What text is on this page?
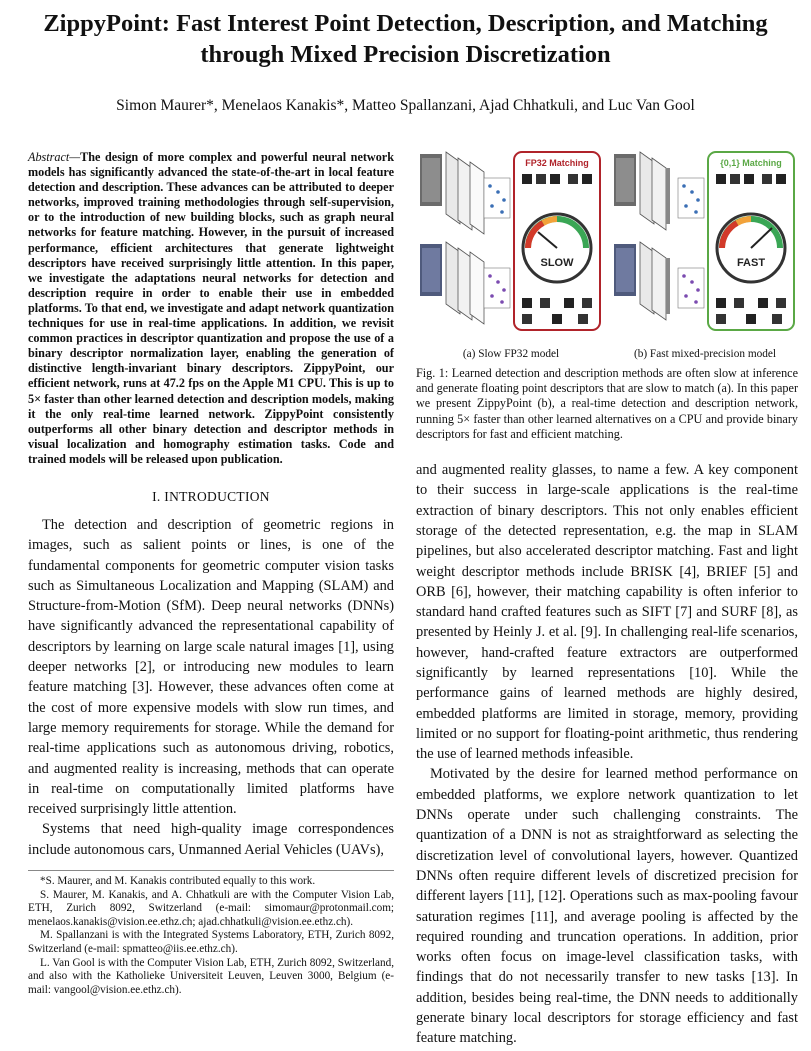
ZippyPoint: Fast Interest Point Detection, Description, and Matching through Mixed Precision Discretization
Simon Maurer*, Menelaos Kanakis*, Matteo Spallanzani, Ajad Chhatkuli, and Luc Van Gool
Abstract—The design of more complex and powerful neural network models has significantly advanced the state-of-the-art in local feature detection and description. These advances can be attributed to deeper networks, improved training methodologies through self-supervision, or to the introduction of new building blocks, such as graph neural networks for feature matching. However, in the pursuit of increased performance, efficient architectures that generate lightweight descriptors have received surprisingly little attention. In this paper, we investigate the adaptations neural networks for detection and description require in order to enable their use in embedded platforms. To that end, we investigate and adapt network quantization techniques for use in real-time applications. In addition, we revisit common practices in descriptor quantization and propose the use of a binary descriptor normalization layer, enabling the generation of distinctive length-invariant binary descriptors. ZippyPoint, our efficient network, runs at 47.2 fps on the Apple M1 CPU. This is up to 5× faster than other learned detection and description models, making it the only real-time learned network. ZippyPoint consistently outperforms all other binary detection and descriptor methods in visual localization and homography estimation tasks. Code and trained models will be released upon publication.
I. INTRODUCTION

The detection and description of geometric regions in images, such as salient points or lines, is one of the fundamental components for geometric computer vision tasks such as Simultaneous Localization and Mapping (SLAM) and Structure-from-Motion (SfM). Deep neural networks (DNNs) have significantly advanced the representational capability of descriptors by learning on large scale natural images [1], using deeper networks [2], or introducing new modules to learn feature matching [3]. However, these advances often come at the cost of more expensive models with slow run times, and large memory requirements for storage. While the demand for real-time applications such as autonomous driving, robotics, and augmented reality is increasing, methods that can operate in real-time on computationally limited platforms have received surprisingly little attention.

Systems that need high-quality image correspondences include autonomous cars, Unmanned Aerial Vehicles (UAVs),

*S. Maurer, and M. Kanakis contributed equally to this work.

S. Maurer, M. Kanakis, and A. Chhatkuli are with the Computer Vision Lab, ETH, Zurich 8092, Switzerland (e-mail: simomaur@protonmail.com; menelaos.kanakis@vision.ee.ethz.ch; ajad.chhatkuli@vision.ee.ethz.ch).

M. Spallanzani is with the Integrated Systems Laboratory, ETH, Zurich 8092, Switzerland (e-mail: spmatteo@iis.ee.ethz.ch).

L. Van Gool is with the Computer Vision Lab, ETH, Zurich 8092, Switzerland, and also with the Katholieke Universiteit Leuven, Leuven 3000, Belgium (e-mail: vangool@vision.ee.ethz.ch).

FP32 Matching
SLOW
{0,1} Matching
FAST
(a) Slow FP32 model	(b) Fast mixed-precision model
Fig. 1: Learned detection and description methods are often slow at inference and generate floating point descriptors that are slow to match (a). In this paper we present ZippyPoint (b), a real-time detection and description network, running 5× faster than other learned alternatives on a CPU and provide binary descriptors for fast and efficient matching.

and augmented reality glasses, to name a few. A key component to their success in large-scale applications is the real-time extraction of binary descriptors. This not only enables efficient storage of the detected representation, e.g. the map in SLAM pipelines, but also accelerated descriptor matching. Fast and light weight descriptor methods include BRISK [4], BRIEF [5] and ORB [6], however, their matching capability is often inferior to standard hand crafted features such as SIFT [7] and SURF [8], as presented by Heinly J. et al. [9]. In challenging real-life scenarios, however, hand-crafted feature extractors are outperformed significantly by learned representations [10]. While the performance gains of learned methods are highly desired, embedded platforms are limited in storage, memory, providing limited or no support for floating-point arithmetic, thus rendering the use of learned methods infeasible.

Motivated by the desire for learned method performance on embedded platforms, we explore network quantization to let DNNs operate under such challenging constraints. The quantization of a DNN is not as straightforward as selecting the discretization level of convolutional layers, however. Quantized DNNs often require different levels of discretized precision for different layers [11], [12]. Operations such as max-pooling favour saturation regimes [11], and average pooling is affected by the required rounding and truncation operations. In addition, prior works often focus on image-level classification tasks, with findings that do not necessarily transfer to new tasks [13]. In addition, besides being real-time, the DNN needs to additionally generate binary local descriptors for storage efficiency and fast feature matching.
